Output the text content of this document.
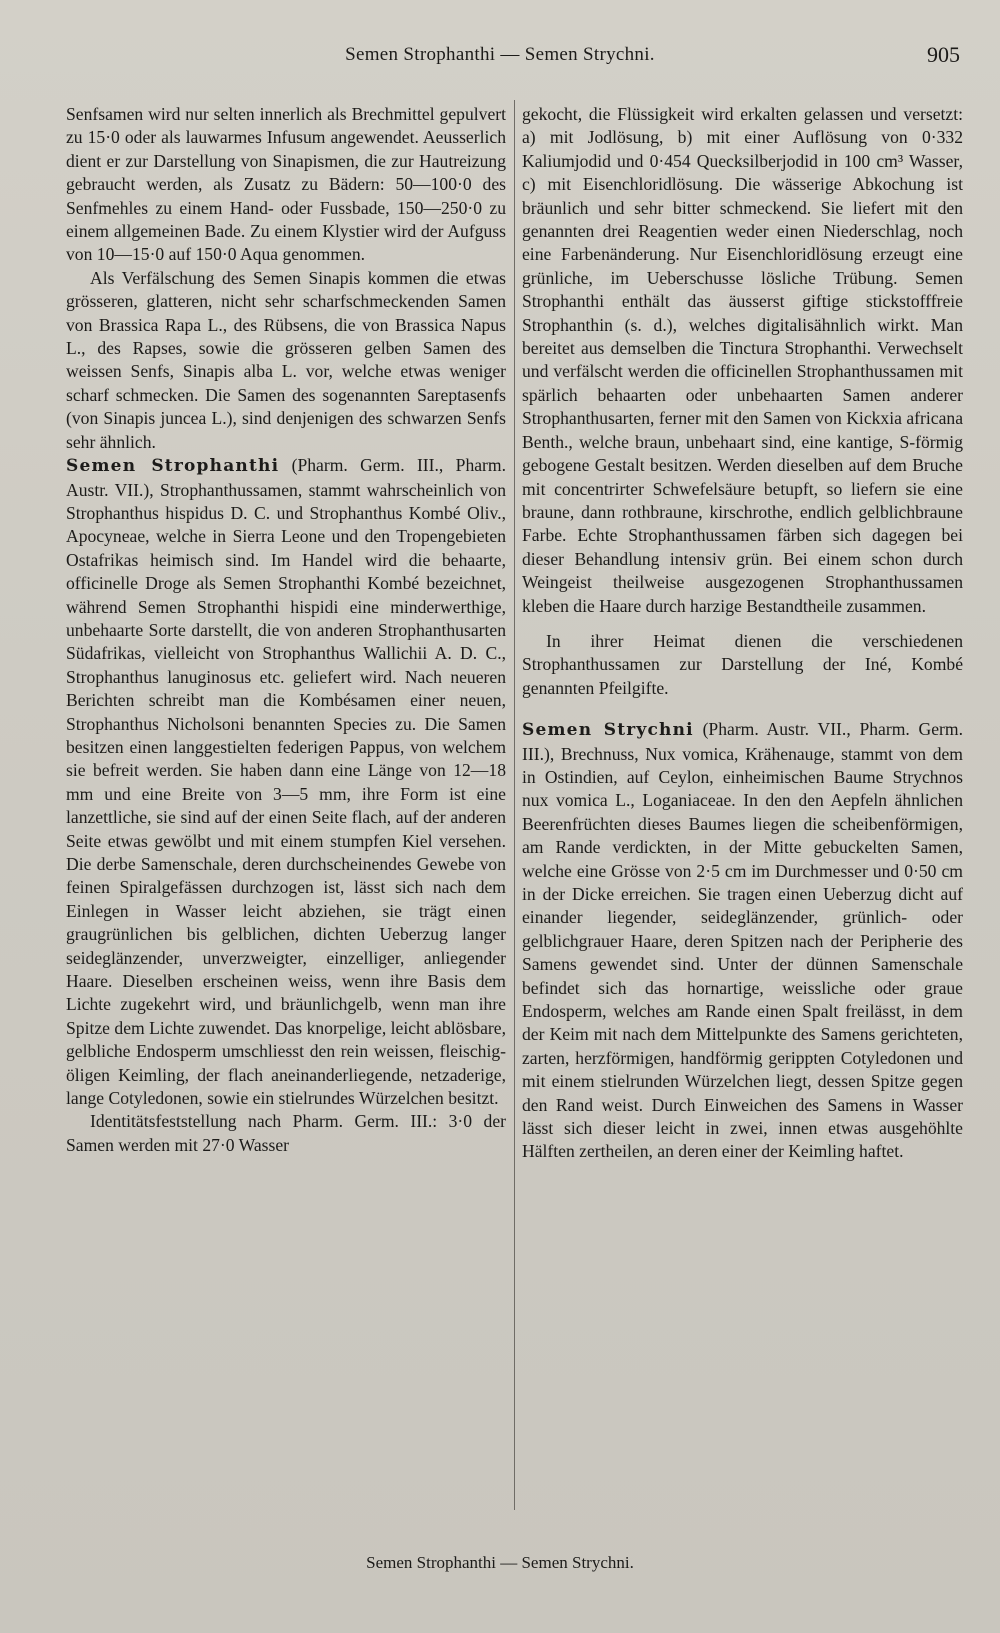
Semen Strophanthi — Semen Strychni.	905

Senfsamen wird nur selten innerlich als Brechmittel gepulvert zu 15·0 oder als lauwarmes Infusum angewendet. Aeusserlich dient er zur Darstellung von Sinapismen, die zur Hautreizung gebraucht werden, als Zusatz zu Bädern: 50—100·0 des Senfmehles zu einem Hand- oder Fussbade, 150—250·0 zu einem allgemeinen Bade. Zu einem Klystier wird der Aufguss von 10—15·0 auf 150·0 Aqua genommen.

Als Verfälschung des Semen Sinapis kommen die etwas grösseren, glatteren, nicht sehr scharfschmeckenden Samen von Brassica Rapa L., des Rübsens, die von Brassica Napus L., des Rapses, sowie die grösseren gelben Samen des weissen Senfs, Sinapis alba L. vor, welche etwas weniger scharf schmecken. Die Samen des sogenannten Sareptasenfs (von Sinapis juncea L.), sind denjenigen des schwarzen Senfs sehr ähnlich.

Semen Strophanthi (Pharm. Germ. III., Pharm. Austr. VII.), Strophanthussamen, stammt wahrscheinlich von Strophanthus hispidus D. C. und Strophanthus Kombé Oliv., Apocyneae, welche in Sierra Leone und den Tropengebieten Ostafrikas heimisch sind. Im Handel wird die behaarte, officinelle Droge als Semen Strophanthi Kombé bezeichnet, während Semen Strophanthi hispidi eine minderwerthige, unbehaarte Sorte darstellt, die von anderen Strophanthusarten Südafrikas, vielleicht von Strophanthus Wallichii A. D. C., Strophanthus lanuginosus etc. geliefert wird. Nach neueren Berichten schreibt man die Kombésamen einer neuen, Strophanthus Nicholsoni benannten Species zu. Die Samen besitzen einen langgestielten federigen Pappus, von welchem sie befreit werden. Sie haben dann eine Länge von 12—18 mm und eine Breite von 3—5 mm, ihre Form ist eine lanzettliche, sie sind auf der einen Seite flach, auf der anderen Seite etwas gewölbt und mit einem stumpfen Kiel versehen. Die derbe Samenschale, deren durchscheinendes Gewebe von feinen Spiralgefässen durchzogen ist, lässt sich nach dem Einlegen in Wasser leicht abziehen, sie trägt einen graugrünlichen bis gelblichen, dichten Ueberzug langer seideglänzender, unverzweigter, einzelliger, anliegender Haare. Dieselben erscheinen weiss, wenn ihre Basis dem Lichte zugekehrt wird, und bräunlichgelb, wenn man ihre Spitze dem Lichte zuwendet. Das knorpelige, leicht ablösbare, gelbliche Endosperm umschliesst den rein weissen, fleischig-öligen Keimling, der flach aneinanderliegende, netzaderige, lange Cotyledonen, sowie ein stielrundes Würzelchen besitzt.

Identitätsfeststellung nach Pharm. Germ. III.: 3·0 der Samen werden mit 27·0 Wasser

gekocht, die Flüssigkeit wird erkalten gelassen und versetzt: a) mit Jodlösung, b) mit einer Auflösung von 0·332 Kaliumjodid und 0·454 Quecksilberjodid in 100 cm³ Wasser, c) mit Eisenchloridlösung. Die wässerige Abkochung ist bräunlich und sehr bitter schmeckend. Sie liefert mit den genannten drei Reagentien weder einen Niederschlag, noch eine Farbenänderung. Nur Eisenchloridlösung erzeugt eine grünliche, im Ueberschusse lösliche Trübung. Semen Strophanthi enthält das äusserst giftige stickstofffreie Strophanthin (s. d.), welches digitalisähnlich wirkt. Man bereitet aus demselben die Tinctura Strophanthi. Verwechselt und verfälscht werden die officinellen Strophanthussamen mit spärlich behaarten oder unbehaarten Samen anderer Strophanthusarten, ferner mit den Samen von Kickxia africana Benth., welche braun, unbehaart sind, eine kantige, S-förmig gebogene Gestalt besitzen. Werden dieselben auf dem Bruche mit concentrirter Schwefelsäure betupft, so liefern sie eine braune, dann rothbraune, kirschrothe, endlich gelblichbraune Farbe. Echte Strophanthussamen färben sich dagegen bei dieser Behandlung intensiv grün. Bei einem schon durch Weingeist theilweise ausgezogenen Strophanthussamen kleben die Haare durch harzige Bestandtheile zusammen.

In ihrer Heimat dienen die verschiedenen Strophanthussamen zur Darstellung der Iné, Kombé genannten Pfeilgifte.

Semen Strychni (Pharm. Austr. VII., Pharm. Germ. III.), Brechnuss, Nux vomica, Krähenauge, stammt von dem in Ostindien, auf Ceylon, einheimischen Baume Strychnos nux vomica L., Loganiaceae. In den den Aepfeln ähnlichen Beerenfrüchten dieses Baumes liegen die scheibenförmigen, am Rande verdickten, in der Mitte gebuckelten Samen, welche eine Grösse von 2·5 cm im Durchmesser und 0·50 cm in der Dicke erreichen. Sie tragen einen Ueberzug dicht auf einander liegender, seideglänzender, grünlich- oder gelblichgrauer Haare, deren Spitzen nach der Peripherie des Samens gewendet sind. Unter der dünnen Samenschale befindet sich das hornartige, weissliche oder graue Endosperm, welches am Rande einen Spalt freilässt, in dem der Keim mit nach dem Mittelpunkte des Samens gerichteten, zarten, herzförmigen, handförmig gerippten Cotyledonen und mit einem stielrunden Würzelchen liegt, dessen Spitze gegen den Rand weist. Durch Einweichen des Samens in Wasser lässt sich dieser leicht in zwei, innen etwas ausgehöhlte Hälften zertheilen, an deren einer der Keimling haftet.

Semen Strophanthi — Semen Strychni.
